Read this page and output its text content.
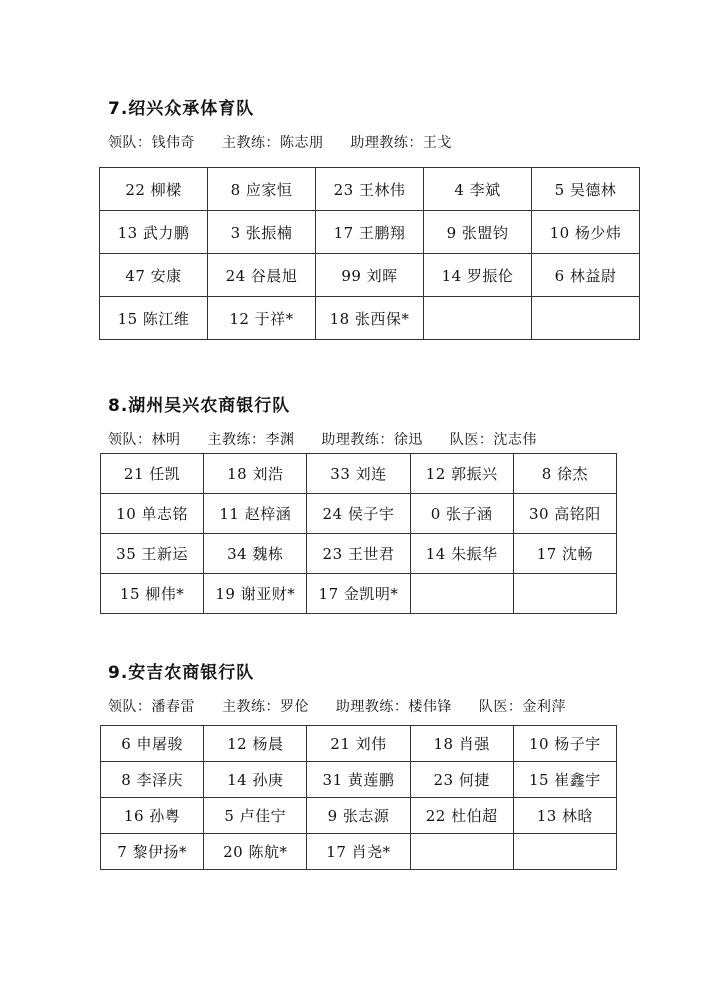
7.绍兴众承体育队
领队：钱伟奇 主教练：陈志朋 助理教练：王戈
22 柳樑	8 应家恒	23 王林伟	4 李斌	5 吴德林
13 武力鹏	3 张振楠	17 王鹏翔	9 张盟钧	10 杨少炜
47 安康	24 谷晨旭	99 刘晖	14 罗振伦	6 林益尉
15 陈江维	12 于祥*	18 张西保*		
8.湖州吴兴农商银行队
领队：林明 主教练：李渊 助理教练：徐迅 队医：沈志伟
21 任凯	18 刘浩	33 刘连	12 郭振兴	8 徐杰
10 单志铭	11 赵梓涵	24 侯子宇	0 张子涵	30 高铭阳
35 王新运	34 魏栋	23 王世君	14 朱振华	17 沈畅
15 柳伟*	19 谢亚财*	17 金凯明*		
9.安吉农商银行队
领队：潘春雷 主教练：罗伦 助理教练：楼伟锋 队医：金利萍
6 申屠骏	12 杨晨	21 刘伟	18 肖强	10 杨子宇
8 李泽庆	14 孙庚	31 黄莲鹏	23 何捷	15 崔鑫宇
16 孙粤	5 卢佳宁	9 张志源	22 杜伯超	13 林晗
7 黎伊扬*	20 陈航*	17 肖尧*		
